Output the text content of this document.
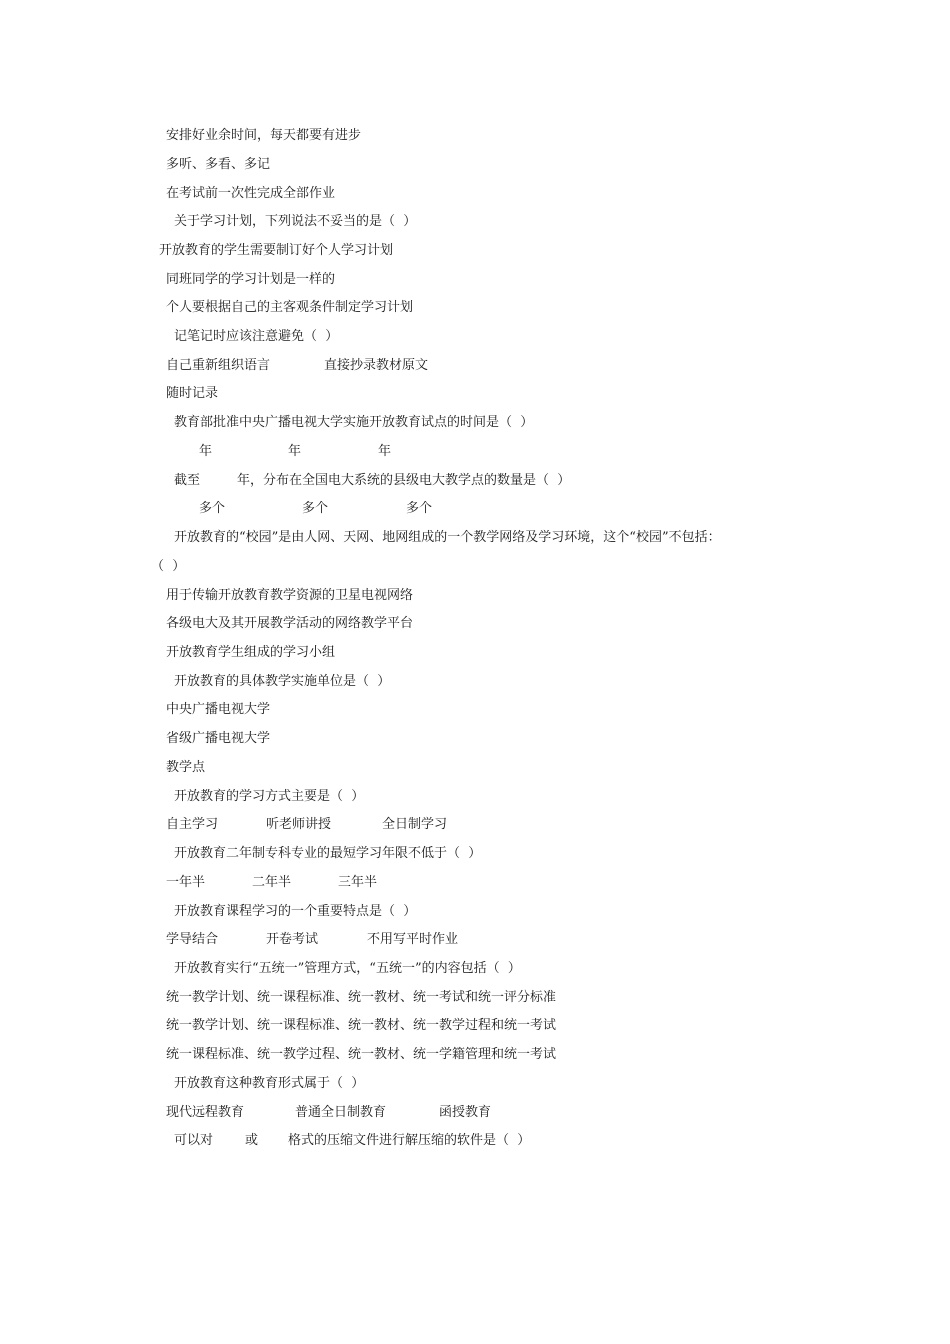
安排好业余时间，每天都要有进步
多听、多看、多记
在考试前一次性完成全部作业
关于学习计划，下列说法不妥当的是（  ）
开放教育的学生需要制订好个人学习计划
同班同学的学习计划是一样的
个人要根据自己的主客观条件制定学习计划
记笔记时应该注意避免（  ）
自己重新组织语言	直接抄录教材原文
随时记录
教育部批准中央广播电视大学实施开放教育试点的时间是（  ）
年	年	年
截至	年，分布在全国电大系统的县级电大教学点的数量是（  ）
多个	多个	多个
开放教育的“校园”是由人网、天网、地网组成的一个教学网络及学习环境，这个“校园”不包括：
（  ）
用于传输开放教育教学资源的卫星电视网络
各级电大及其开展教学活动的网络教学平台
开放教育学生组成的学习小组
开放教育的具体教学实施单位是（  ）
中央广播电视大学
省级广播电视大学
教学点
开放教育的学习方式主要是（  ）
自主学习	听老师讲授	全日制学习
开放教育二年制专科专业的最短学习年限不低于（  ）
一年半	二年半	三年半
开放教育课程学习的一个重要特点是（  ）
学导结合	开卷考试	不用写平时作业
开放教育实行“五统一”管理方式，“五统一”的内容包括（  ）
统一教学计划、统一课程标准、统一教材、统一考试和统一评分标准
统一教学计划、统一课程标准、统一教材、统一教学过程和统一考试
统一课程标准、统一教学过程、统一教材、统一学籍管理和统一考试
开放教育这种教育形式属于（  ）
现代远程教育	普通全日制教育	函授教育
可以对 或 格式的压缩文件进行解压缩的软件是（  ）
